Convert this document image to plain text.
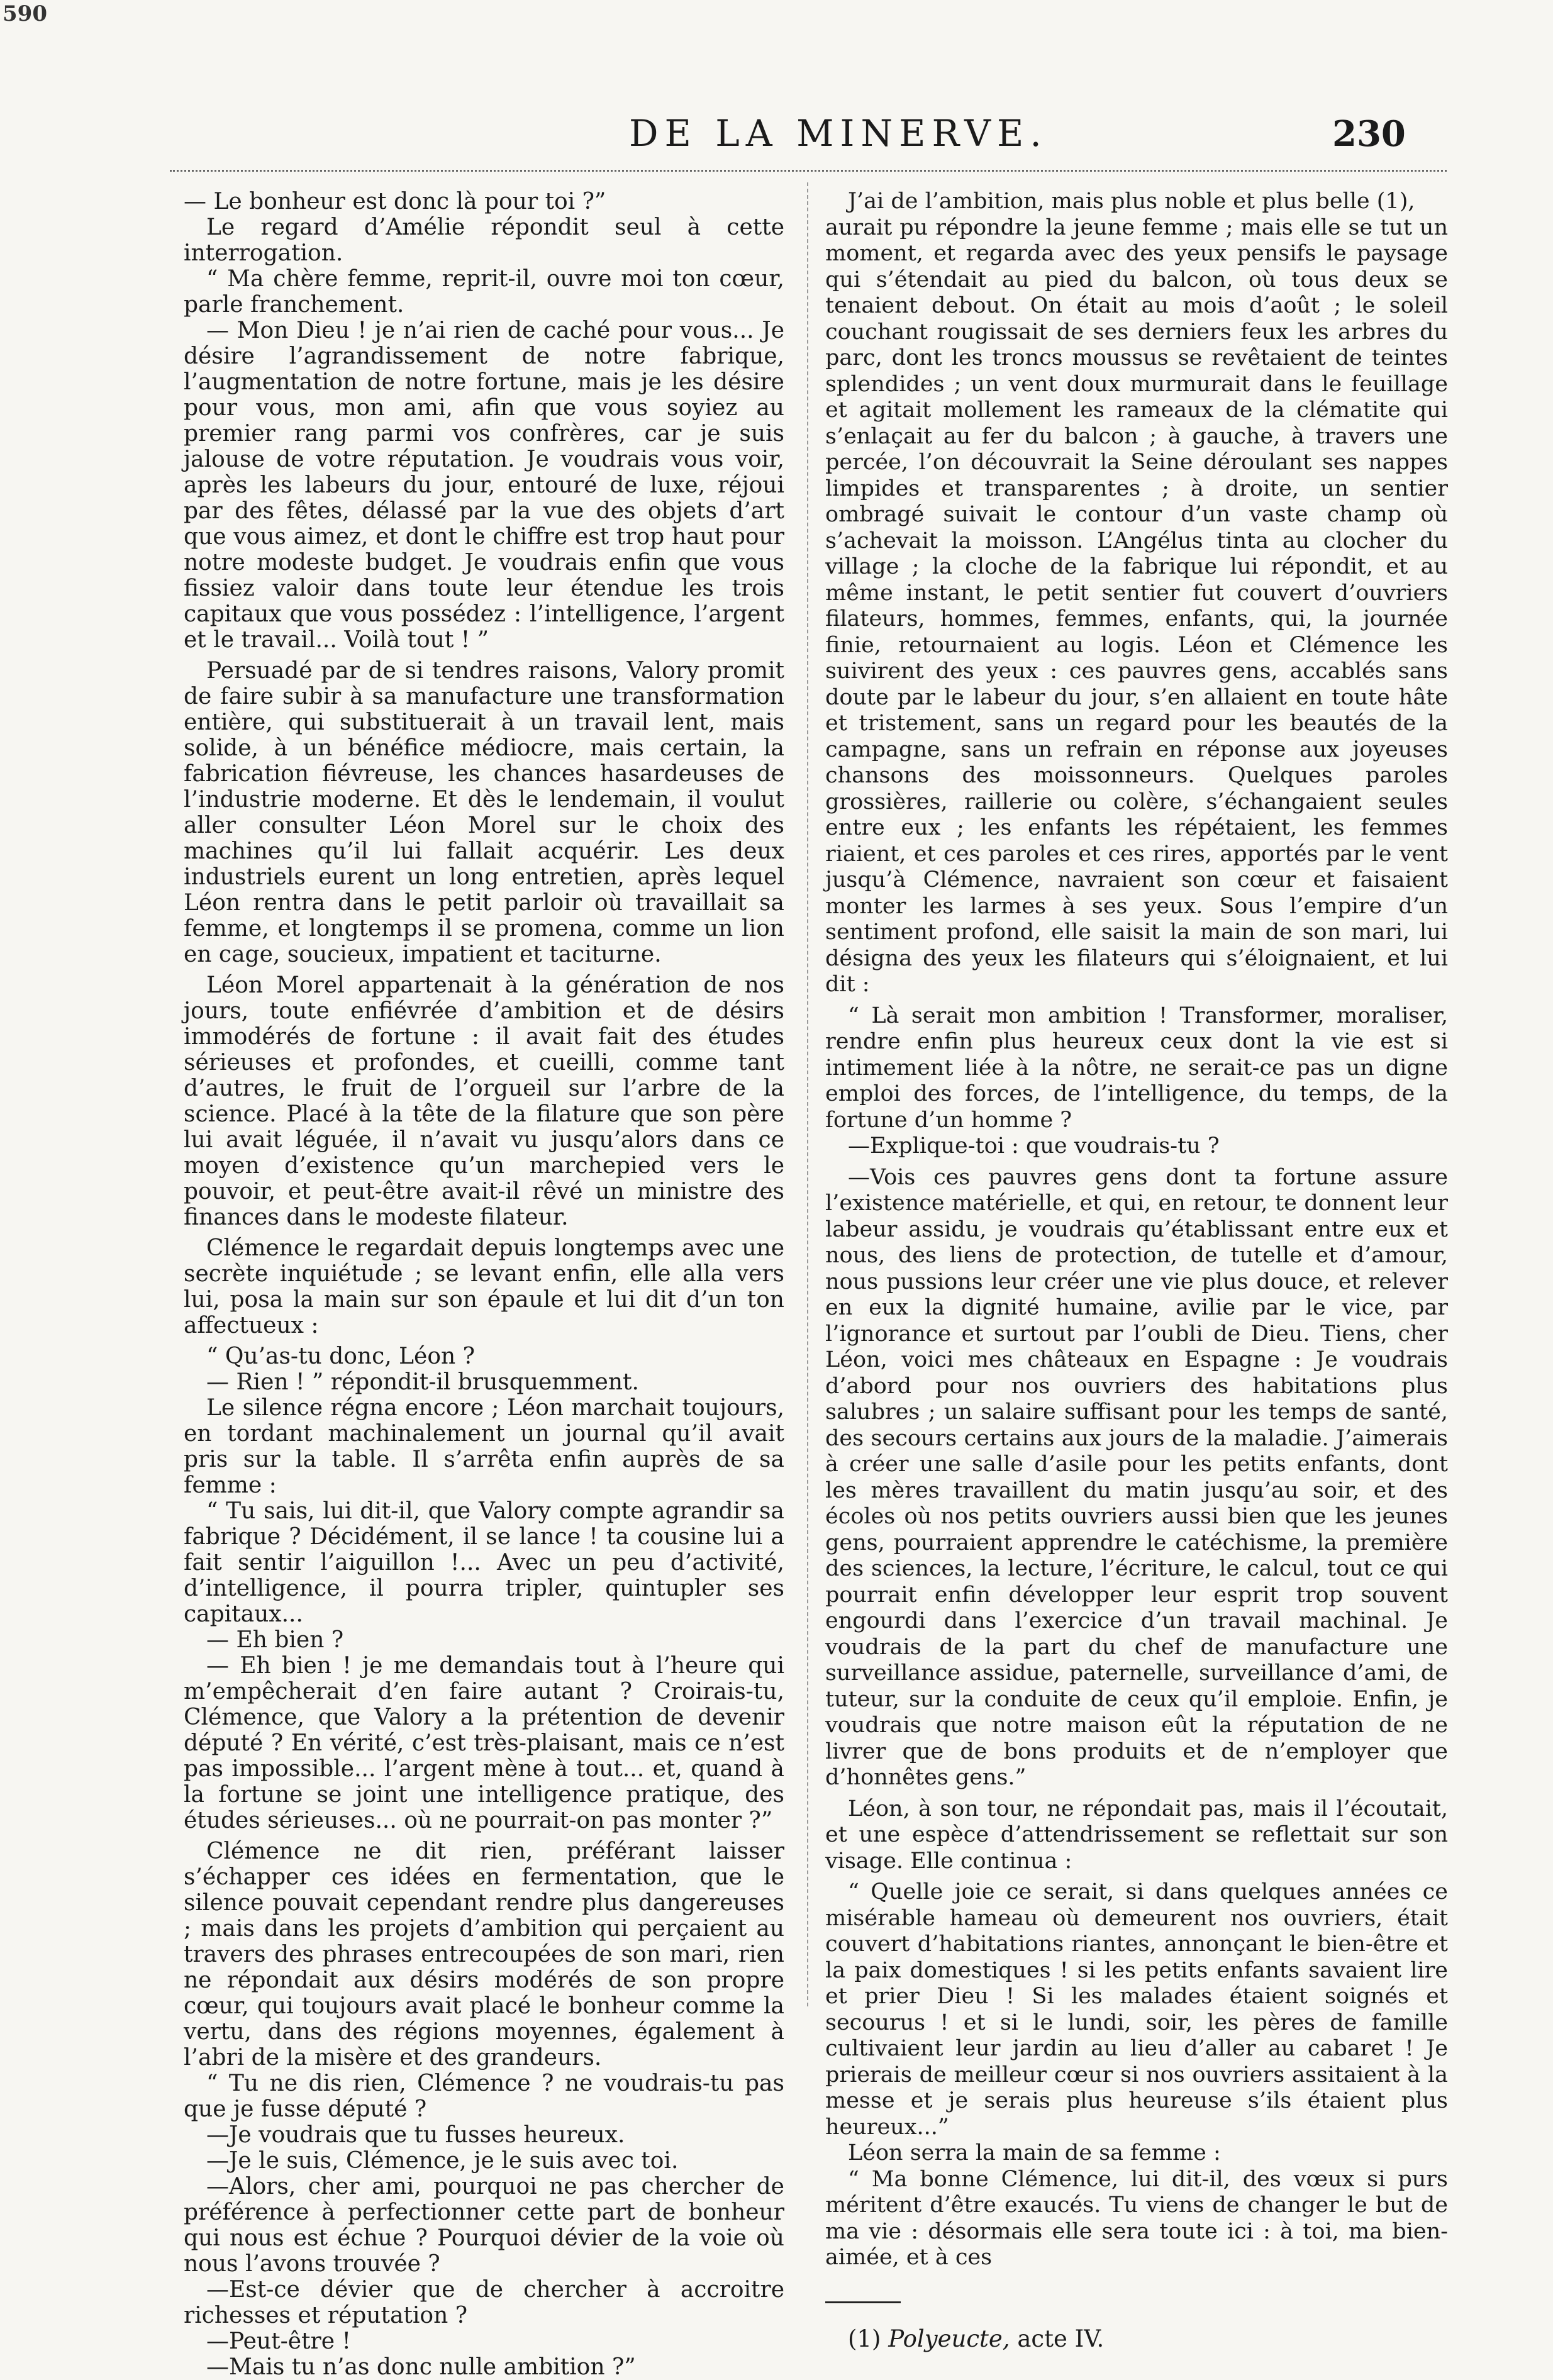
590
DE LA MINERVE.	230

— Le bonheur est donc là pour toi ?”

Le regard d’Amélie répondit seul à cette interrogation.

“ Ma chère femme, reprit-il, ouvre moi ton cœur, parle franchement.

— Mon Dieu ! je n’ai rien de caché pour vous... Je désire l’agrandissement de notre fabrique, l’augmentation de notre fortune, mais je les désire pour vous, mon ami, afin que vous soyiez au premier rang parmi vos confrères, car je suis jalouse de votre réputation. Je voudrais vous voir, après les labeurs du jour, entouré de luxe, réjoui par des fêtes, délassé par la vue des objets d’art que vous aimez, et dont le chiffre est trop haut pour notre modeste budget. Je voudrais enfin que vous fissiez valoir dans toute leur étendue les trois capitaux que vous possédez : l’intelligence, l’argent et le travail... Voilà tout ! ”

Persuadé par de si tendres raisons, Valory promit de faire subir à sa manufacture une transformation entière, qui substituerait à un travail lent, mais solide, à un bénéfice médiocre, mais certain, la fabrication fiévreuse, les chances hasardeuses de l’industrie moderne. Et dès le lendemain, il voulut aller consulter Léon Morel sur le choix des machines qu’il lui fallait acquérir. Les deux industriels eurent un long entretien, après lequel Léon rentra dans le petit parloir où travaillait sa femme, et longtemps il se promena, comme un lion en cage, soucieux, impatient et taciturne.

Léon Morel appartenait à la génération de nos jours, toute enfiévrée d’ambition et de désirs immodérés de fortune : il avait fait des études sérieuses et profondes, et cueilli, comme tant d’autres, le fruit de l’orgueil sur l’arbre de la science. Placé à la tête de la filature que son père lui avait léguée, il n’avait vu jusqu’alors dans ce moyen d’existence qu’un marchepied vers le pouvoir, et peut-être avait-il rêvé un ministre des finances dans le modeste filateur.

Clémence le regardait depuis longtemps avec une secrète inquiétude ; se levant enfin, elle alla vers lui, posa la main sur son épaule et lui dit d’un ton affectueux :

“ Qu’as-tu donc, Léon ?

— Rien ! ” répondit-il brusquemment.

Le silence régna encore ; Léon marchait toujours, en tordant machinalement un journal qu’il avait pris sur la table. Il s’arrêta enfin auprès de sa femme :

“ Tu sais, lui dit-il, que Valory compte agrandir sa fabrique ? Décidément, il se lance ! ta cousine lui a fait sentir l’aiguillon !... Avec un peu d’activité, d’intelligence, il pourra tripler, quintupler ses capitaux...

— Eh bien ?

— Eh bien ! je me demandais tout à l’heure qui m’empêcherait d’en faire autant ? Croirais-tu, Clémence, que Valory a la prétention de devenir député ? En vérité, c’est très-plaisant, mais ce n’est pas impossible... l’argent mène à tout... et, quand à la fortune se joint une intelligence pratique, des études sérieuses... où ne pourrait-on pas monter ?”

Clémence ne dit rien, préférant laisser s’échapper ces idées en fermentation, que le silence pouvait cependant rendre plus dangereuses ; mais dans les projets d’ambition qui perçaient au travers des phrases entrecoupées de son mari, rien ne répondait aux désirs modérés de son propre cœur, qui toujours avait placé le bonheur comme la vertu, dans des régions moyennes, également à l’abri de la misère et des grandeurs.

“ Tu ne dis rien, Clémence ? ne voudrais-tu pas que je fusse député ?

—Je voudrais que tu fusses heureux.

—Je le suis, Clémence, je le suis avec toi.

—Alors, cher ami, pourquoi ne pas chercher de préférence à perfectionner cette part de bonheur qui nous est échue ? Pourquoi dévier de la voie où nous l’avons trouvée ?

—Est-ce dévier que de chercher à accroitre richesses et réputation ?

—Peut-être !

—Mais tu n’as donc nulle ambition ?”

J’ai de l’ambition, mais plus noble et plus belle (1),

aurait pu répondre la jeune femme ; mais elle se tut un moment, et regarda avec des yeux pensifs le paysage qui s’étendait au pied du balcon, où tous deux se tenaient debout. On était au mois d’août ; le soleil couchant rougissait de ses derniers feux les arbres du parc, dont les troncs moussus se revêtaient de teintes splendides ; un vent doux murmurait dans le feuillage et agitait mollement les rameaux de la clématite qui s’enlaçait au fer du balcon ; à gauche, à travers une percée, l’on découvrait la Seine déroulant ses nappes limpides et transparentes ; à droite, un sentier ombragé suivait le contour d’un vaste champ où s’achevait la moisson. L’Angélus tinta au clocher du village ; la cloche de la fabrique lui répondit, et au même instant, le petit sentier fut couvert d’ouvriers filateurs, hommes, femmes, enfants, qui, la journée finie, retournaient au logis. Léon et Clémence les suivirent des yeux : ces pauvres gens, accablés sans doute par le labeur du jour, s’en allaient en toute hâte et tristement, sans un regard pour les beautés de la campagne, sans un refrain en réponse aux joyeuses chansons des moissonneurs. Quelques paroles grossières, raillerie ou colère, s’échangaient seules entre eux ; les enfants les répétaient, les femmes riaient, et ces paroles et ces rires, apportés par le vent jusqu’à Clémence, navraient son cœur et faisaient monter les larmes à ses yeux. Sous l’empire d’un sentiment profond, elle saisit la main de son mari, lui désigna des yeux les filateurs qui s’éloignaient, et lui dit :

“ Là serait mon ambition ! Transformer, moraliser, rendre enfin plus heureux ceux dont la vie est si intimement liée à la nôtre, ne serait-ce pas un digne emploi des forces, de l’intelligence, du temps, de la fortune d’un homme ?

—Explique-toi : que voudrais-tu ?

—Vois ces pauvres gens dont ta fortune assure l’existence matérielle, et qui, en retour, te donnent leur labeur assidu, je voudrais qu’établissant entre eux et nous, des liens de protection, de tutelle et d’amour, nous pussions leur créer une vie plus douce, et relever en eux la dignité humaine, avilie par le vice, par l’ignorance et surtout par l’oubli de Dieu. Tiens, cher Léon, voici mes châteaux en Espagne : Je voudrais d’abord pour nos ouvriers des habitations plus salubres ; un salaire suffisant pour les temps de santé, des secours certains aux jours de la maladie. J’aimerais à créer une salle d’asile pour les petits enfants, dont les mères travaillent du matin jusqu’au soir, et des écoles où nos petits ouvriers aussi bien que les jeunes gens, pourraient apprendre le catéchisme, la première des sciences, la lecture, l’écriture, le calcul, tout ce qui pourrait enfin développer leur esprit trop souvent engourdi dans l’exercice d’un travail machinal. Je voudrais de la part du chef de manufacture une surveillance assidue, paternelle, surveillance d’ami, de tuteur, sur la conduite de ceux qu’il emploie. Enfin, je voudrais que notre maison eût la réputation de ne livrer que de bons produits et de n’employer que d’honnêtes gens.”

Léon, à son tour, ne répondait pas, mais il l’écoutait, et une espèce d’attendrissement se reflettait sur son visage. Elle continua :

“ Quelle joie ce serait, si dans quelques années ce misérable hameau où demeurent nos ouvriers, était couvert d’habitations riantes, annonçant le bien-être et la paix domestiques ! si les petits enfants savaient lire et prier Dieu ! Si les malades étaient soignés et secourus ! et si le lundi, soir, les pères de famille cultivaient leur jardin au lieu d’aller au cabaret ! Je prierais de meilleur cœur si nos ouvriers assitaient à la messe et je serais plus heureuse s’ils étaient plus heureux...”

Léon serra la main de sa femme :

“ Ma bonne Clémence, lui dit-il, des vœux si purs méritent d’être exaucés. Tu viens de changer le but de ma vie : désormais elle sera toute ici : à toi, ma bien-aimée, et à ces

(1) Polyeucte, acte IV.
